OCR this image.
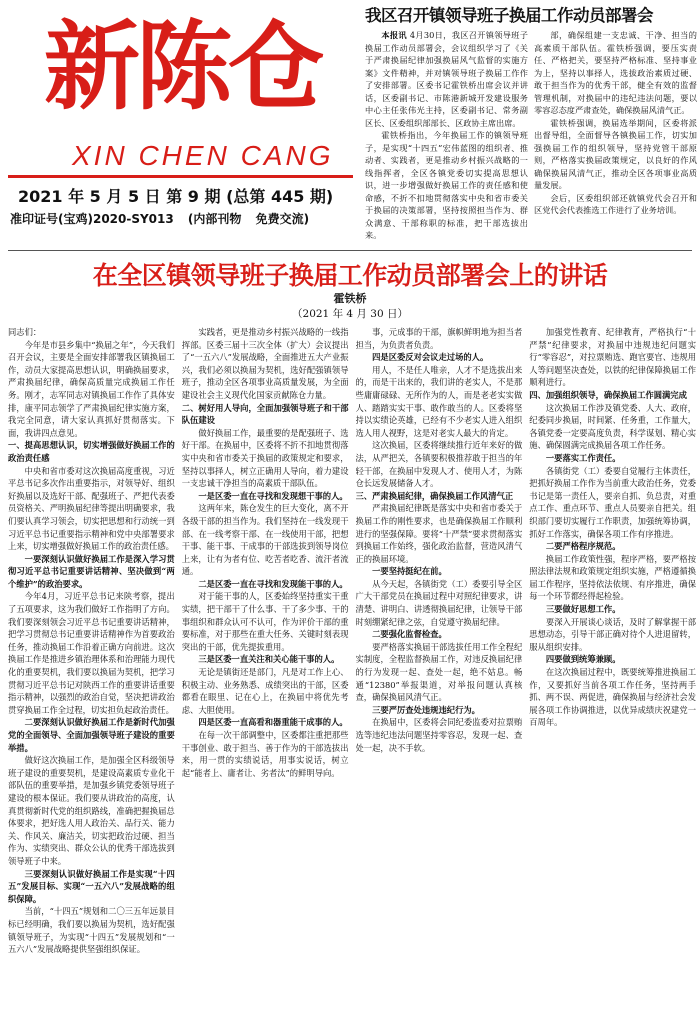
新陈仓
XIN CHEN CANG
2021 年 5 月 5 日 第 9 期 (总第 445 期)
准印证号(宝鸡)2020-SY013 (内部刊物 免费交流)
我区召开镇领导班子换届工作动员部署会

本报讯 4月30日，我区召开镇领导班子换届工作动员部署会，会议组织学习了《关于严肃换届纪律加强换届风气监督的实施方案》文件精神，并对镇领导班子换届工作作了安排部署。区委书记霍铁桥出席会议并讲话，区委副书记、市陈港新城开发建设服务中心主任张伟光主持，区委副书记、常务副区长、区委组织部部长、区政协主席出席。

霍铁桥指出，今年换届工作的镇领导班子，是实现“十四五”宏伟蓝图的组织者、推动者、实践者，更是推动乡村振兴战略的一线指挥者，全区各镇党委切实提高思想认识，进一步增强做好换届工作的责任感和使命感，不折不扣地贯彻落实中央和省市委关于换届的决策部署，坚持按照担当作为、群众满意、干部称职的标准，把干部选拔出来。

部，确保组建一支忠诚、干净、担当的高素质干部队伍。霍铁桥强调，要压实责任、严格把关，要坚持严格标准、坚持事业为上，坚持以事择人，选拔政治素质过硬、敢于担当作为的优秀干部，健全有效的监督管理机制，对换届中的违纪违法问题，要以零容忍态度严肃查处，确保换届风清气正。

霍铁桥强调，换届选举期间，区委将派出督导组，全面督导各镇换届工作，切实加强换届工作的组织领导，坚持党管干部原则，严格落实换届政策规定，以良好的作风确保换届风清气正，推动全区各项事业高质量发展。

会后，区委组织部还就镇党代会召开和区党代会代表推选工作进行了业务培训。

在全区镇领导班子换届工作动员部署会上的讲话
霍铁桥
（2021 年 4 月 30 日）

同志们：

今年是市县乡集中“换届之年”，今天我们召开会议，主要是全面安排部署我区镇换届工作，动员大家提高思想认识，明确换届要求，严肃换届纪律，确保高质量完成换届工作任务。刚才，志军同志对镇换届工作作了具体安排，康平同志领学了严肃换届纪律实施方案，我完全同意，请大家认真抓好贯彻落实。下面，我讲四点意见。

一、提高思想认识，切实增强做好换届工作的政治责任感

中央和省市委对这次换届高度重视，习近平总书记多次作出重要指示，对领导好、组织好换届以及选好干部、配强班子、严把代表委员资格关、严明换届纪律等提出明确要求，我们要认真学习领会，切实把思想和行动统一到习近平总书记重要指示精神和党中央部署要求上来，切实增强做好换届工作的政治责任感。

一要深刻认识做好换届工作是深入学习贯彻习近平总书记重要讲话精神、坚决做到“两个维护”的政治要求。

今年4月，习近平总书记来陕考察，提出了五项要求，这为我们做好工作指明了方向。我们要深刻领会习近平总书记重要讲话精神，把学习贯彻总书记重要讲话精神作为首要政治任务，推动换届工作沿着正确方向前进。这次换届工作是推进乡镇治理体系和治理能力现代化的重要契机，我们要以换届为契机，把学习贯彻习近平总书记对陕西工作的重要讲话重要指示精神，以强烈的政治自觉，坚决把讲政治贯穿换届工作全过程，切实担负起政治责任。

二要深刻认识做好换届工作是新时代加强党的全面领导、全面加强领导班子建设的重要举措。

做好这次换届工作，是加强全区科级领导班子建设的重要契机，是建设高素质专业化干部队伍的重要举措，是加强乡镇党委领导班子建设的根本保证。我们要从讲政治的高度，认真贯彻新时代党的组织路线，准确把握换届总体要求，把好选人用人政治关、品行关、能力关、作风关、廉洁关，切实把政治过硬、担当作为、实绩突出、群众公认的优秀干部选拔到领导班子中来。

三要深刻认识做好换届工作是实现“十四五”发展目标、实现“一五六八”发展战略的组织保障。

当前，“十四五”规划和二〇三五年远景目标已经明确，我们要以换届为契机，选好配强镇领导班子，为实现“十四五”发展规划和“一五六八”发展战略提供坚强组织保证。

实践者，更是推动乡村振兴战略的一线指挥部。区委三届十三次全体（扩大）会议提出了“一五六八”发展战略，全面推进五大产业振兴，我们必须以换届为契机，选好配强镇领导班子，推动全区各项事业高质量发展，为全面建设社会主义现代化国家贡献陈仓力量。

二、树好用人导向，全面加强领导班子和干部队伍建设

做好换届工作，最重要的是配强班子、选好干部。在换届中，区委将不折不扣地贯彻落实中央和省市委关于换届的政策规定和要求，坚持以事择人，树立正确用人导向，着力建设一支忠诚干净担当的高素质干部队伍。

一是区委一直在寻找和发现想干事的人。

这两年来，陈仓发生的巨大变化，离不开各级干部的担当作为。我们坚持在一线发现干部、在一线考察干部、在一线使用干部，把想干事、能干事、干成事的干部选拔到领导岗位上来，让有为者有位、吃苦者吃香、流汗者流通。

二是区委一直在寻找和发现能干事的人。

对于能干事的人，区委始终坚持重实干重实绩，把干部干了什么事、干了多少事、干的事组织和群众认可不认可，作为评价干部的重要标准，对于那些在重大任务、关键时刻表现突出的干部，优先提拔重用。

三是区委一直关注和关心能干事的人。

无论是镇街还是部门，凡是对工作上心、积极主动、业务熟悉、成绩突出的干部，区委都看在眼里、记在心上，在换届中将优先考虑、大胆使用。

四是区委一直高看和器重能干成事的人。

在每一次干部调整中，区委都注重把那些干事创业、敢于担当、善于作为的干部选拔出来，用一贯的实绩说话，用事实说话，树立起“能者上、庸者让、劣者汰”的鲜明导向。

事，元成事的干部，旗帜鲜明地为担当者担当，为负责者负责。

四是区委反对会议走过场的人。

用人，不是任人唯亲，人才不是选拔出来的，而是干出来的，我们讲的老实人，不是那些庸庸碌碌、无所作为的人，而是老老实实做人、踏踏实实干事、敢作敢当的人。区委将坚持以实绩论英雄，已经有不少老实人进入组织选人用人视野，这是对老实人最大的肯定。

这次换届，区委将继续推行近年来好的做法，从严把关，各镇要积极推荐敢于担当的年轻干部，在换届中发现人才、使用人才，为陈仓长远发展储备人才。

三、严肃换届纪律，确保换届工作风清气正

严肃换届纪律既是落实中央和省市委关于换届工作的刚性要求，也是确保换届工作顺利进行的坚强保障。要将“十严禁”要求贯彻落实到换届工作始终，强化政治监督，营造风清气正的换届环境。

一要坚持挺纪在前。

从今天起，各镇街党（工）委要引导全区广大干部党员在换届过程中对照纪律要求，讲清楚、讲明白、讲透彻换届纪律，让领导干部时刻绷紧纪律之弦，自觉遵守换届纪律。

二要强化监督检查。

要严格落实换届干部选拔任用工作全程纪实制度，全程监督换届工作，对违反换届纪律的行为发现一起、查处一起，绝不姑息。畅通“12380”举报渠道，对举报问题认真核查，确保换届风清气正。

三要严厉查处违规违纪行为。

在换届中，区委将会同纪委监委对拉票贿选等违纪违法问题坚持零容忍，发现一起、查处一起，决不手软。

加强党性教育、纪律教育，严格执行“十严禁”纪律要求，对换届中违规违纪问题实行“零容忍”，对拉票贿选、跑官要官、违规用人等问题坚决查处，以铁的纪律保障换届工作顺利进行。

四、加强组织领导，确保换届工作圆满完成

这次换届工作涉及镇党委、人大、政府，纪委同步换届，时间紧、任务重，工作量大，各镇党委一定要高度负责，科学谋划、精心实施、确保圆满完成换届各项工作任务。

一要落实工作责任。

各镇街党（工）委要自觉履行主体责任，把抓好换届工作作为当前重大政治任务，党委书记是第一责任人，要亲自抓、负总责，对重点工作、重点环节、重点人员要亲自把关。组织部门要切实履行工作职责，加强统筹协调，抓好工作落实，确保各项工作有序推进。

二要严格程序规范。

换届工作政策性强，程序严格，要严格按照法律法规和政策规定组织实施，严格遵循换届工作程序，坚持依法依规、有序推进，确保每一个环节都经得起检验。

三要做好思想工作。

要深入开展谈心谈话，及时了解掌握干部思想动态，引导干部正确对待个人进退留转，服从组织安排。

四要做到统筹兼顾。

在这次换届过程中，既要统筹推进换届工作，又要抓好当前各项工作任务，坚持两手抓、两不误、两促进，确保换届与经济社会发展各项工作协调推进，以优异成绩庆祝建党一百周年。
